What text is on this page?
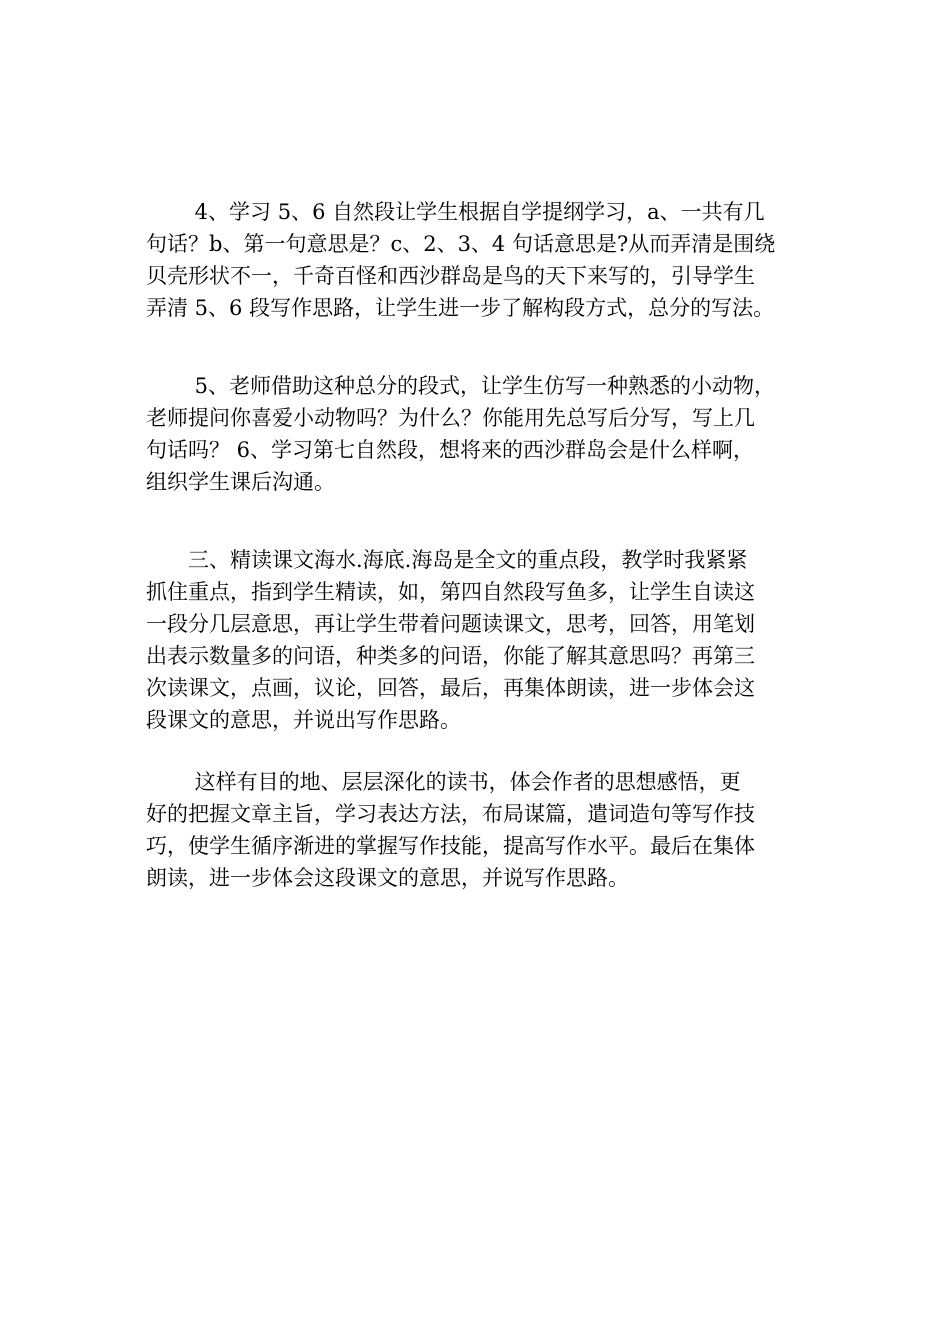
　　 4、学习 5、6 自然段让学生根据自学提纲学习，a、一共有几
句话？b、第一句意思是？c、2、3、4 句话意思是?从而弄清是围绕
贝壳形状不一，千奇百怪和西沙群岛是鸟的天下来写的，引导学生
弄清 5、6 段写作思路，让学生进一步了解构段方式，总分的写法。

　　 5、老师借助这种总分的段式，让学生仿写一种熟悉的小动物，
老师提问你喜爱小动物吗？为什么？你能用先总写后分写，写上几
句话吗？ 6、学习第七自然段，想将来的西沙群岛会是什么样啊，
组织学生课后沟通。

　　三、精读课文海水.海底.海岛是全文的重点段，教学时我紧紧
抓住重点，指到学生精读，如，第四自然段写鱼多，让学生自读这
一段分几层意思，再让学生带着问题读课文，思考，回答，用笔划
出表示数量多的问语，种类多的问语，你能了解其意思吗？再第三
次读课文，点画，议论，回答，最后，再集体朗读，进一步体会这
段课文的意思，并说出写作思路。

　　 这样有目的地、层层深化的读书，体会作者的思想感悟，更
好的把握文章主旨，学习表达方法，布局谋篇，遣词造句等写作技
巧，使学生循序渐进的掌握写作技能，提高写作水平。最后在集体
朗读，进一步体会这段课文的意思，并说写作思路。
